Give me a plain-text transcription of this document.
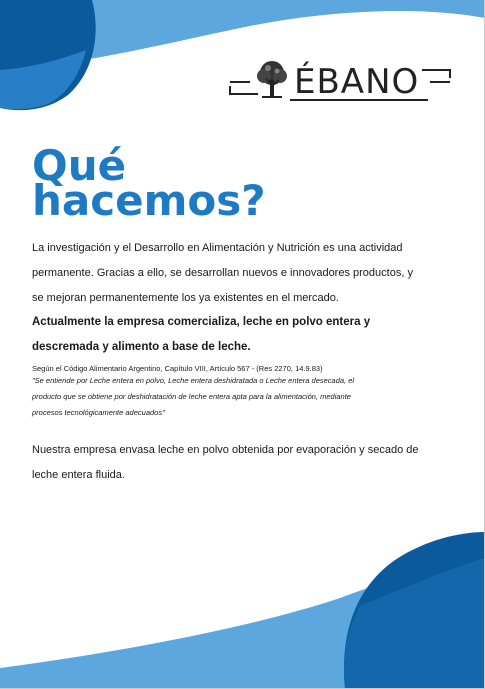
ÉBANO
Qué
hacemos?
La investigación y el Desarrollo en Alimentación y Nutrición es una actividad
permanente. Gracias a ello, se desarrollan nuevos e innovadores productos, y
se mejoran permanentemente los ya existentes en el mercado.
Actualmente la empresa comercializa, leche en polvo entera y
descremada y alimento a base de leche.
Según el Código Alimentario Argentino, Capítulo VIII, Artículo 567 - (Res 2270, 14.9.83)
"Se entiende por Leche entera en polvo, Leche entera deshidratada o Leche entera desecada, el
producto que se obtiene por deshidratación de leche entera apta para la alimentación, mediante
procesos tecnológicamente adecuados"
Nuestra empresa envasa leche en polvo obtenida por evaporación y secado de
leche entera fluida.
